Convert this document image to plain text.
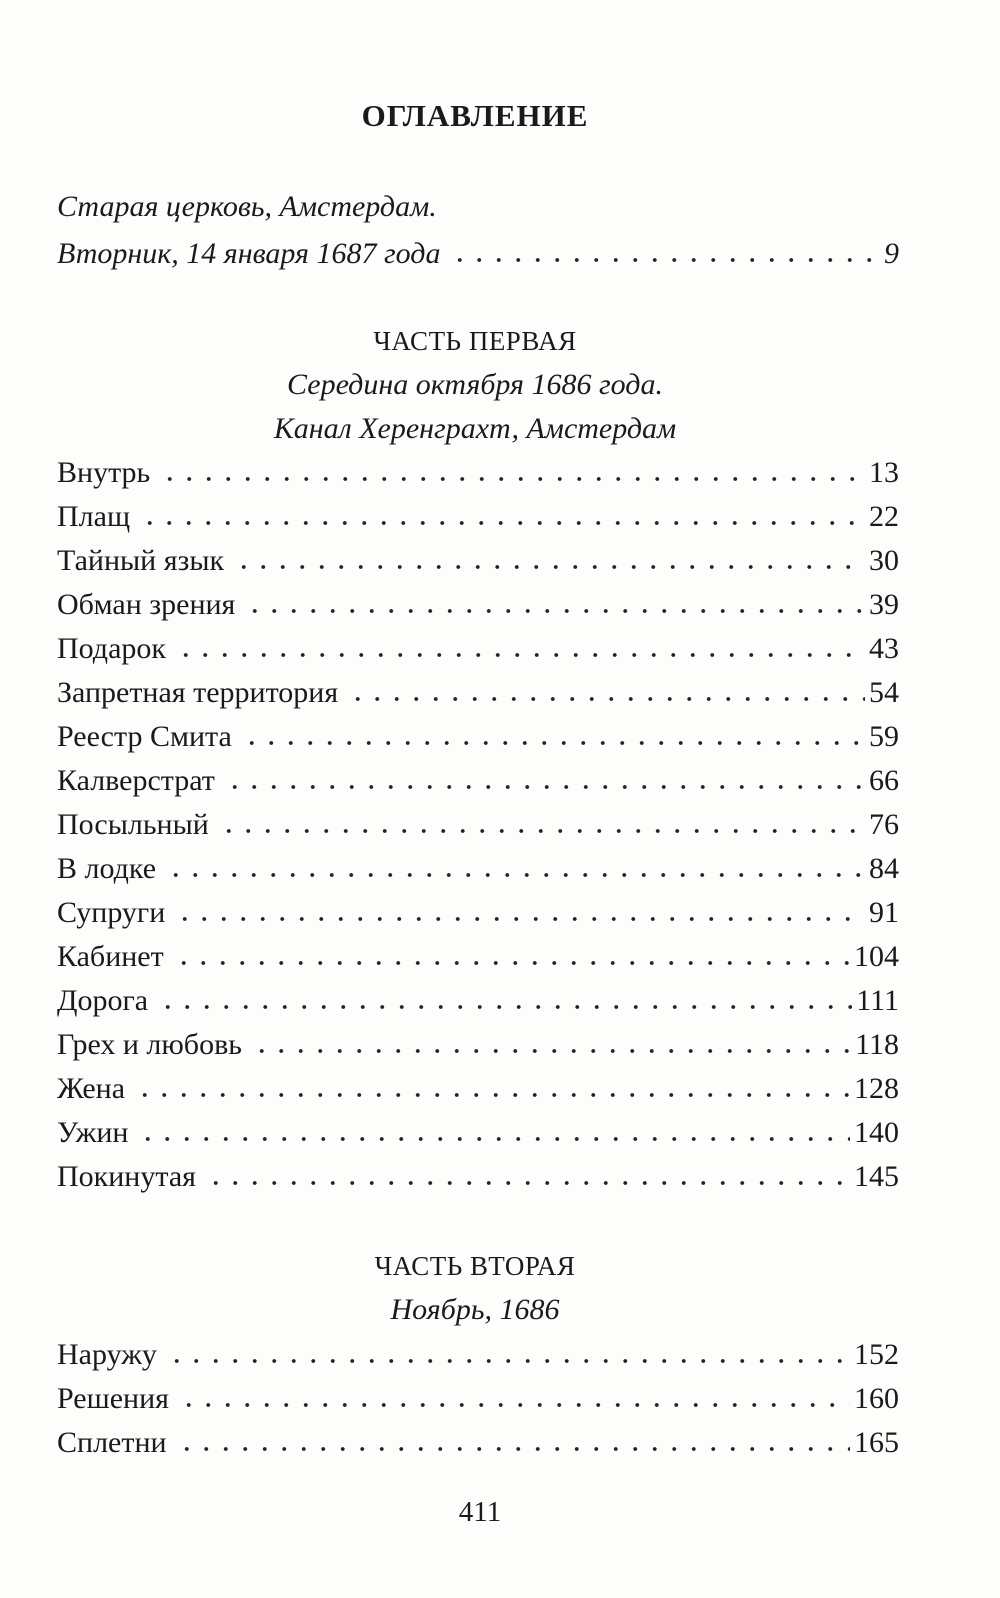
ОГЛАВЛЕНИЕ
Старая церковь, Амстердам.
Вторник, 14 января 1687 года	9
ЧАСТЬ ПЕРВАЯ
Середина октября 1686 года.
Канал Херенграхт, Амстердам
Внутрь	13
Плащ	22
Тайный язык	30
Обман зрения	39
Подарок	43
Запретная территория	54
Реестр Смита	59
Калверстрат	66
Посыльный	76
В лодке	84
Супруги	91
Кабинет	104
Дорога	111
Грех и любовь	118
Жена	128
Ужин	140
Покинутая	145
ЧАСТЬ ВТОРАЯ
Ноябрь, 1686
Наружу	152
Решения	160
Сплетни	165
411
